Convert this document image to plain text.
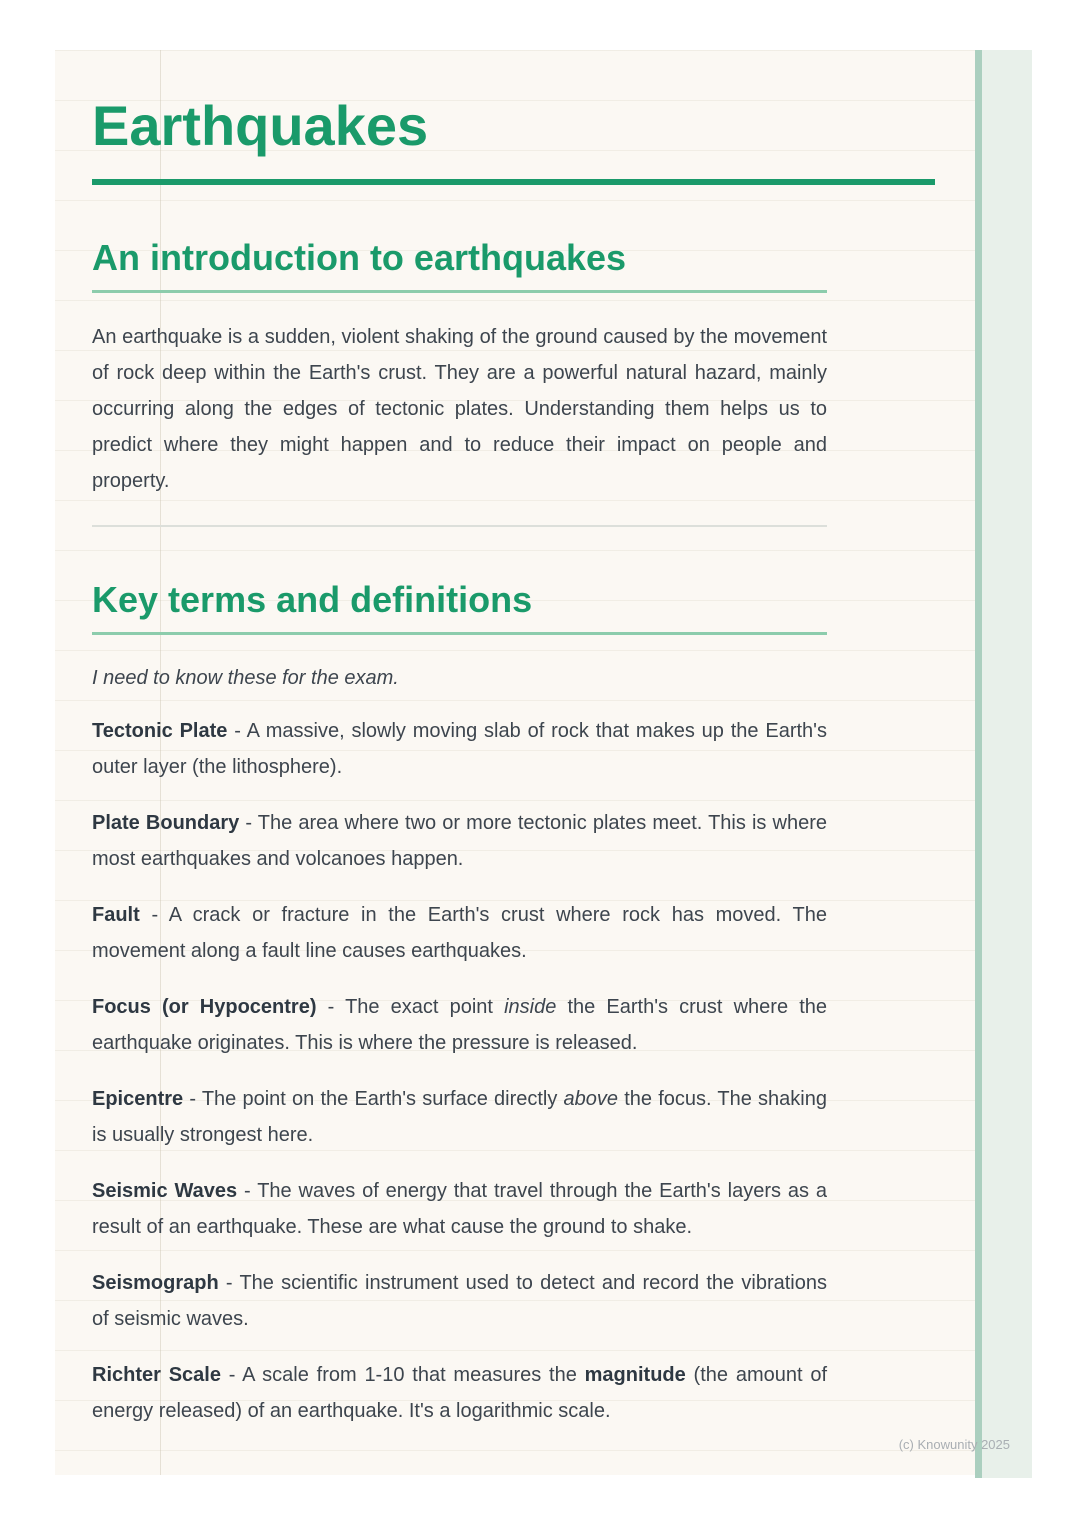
Earthquakes
An introduction to earthquakes

An earthquake is a sudden, violent shaking of the ground caused by the movement of rock deep within the Earth's crust. They are a powerful natural hazard, mainly occurring along the edges of tectonic plates. Understanding them helps us to predict where they might happen and to reduce their impact on people and property.

Key terms and definitions

I need to know these for the exam.

Tectonic Plate - A massive, slowly moving slab of rock that makes up the Earth's outer layer (the lithosphere).

Plate Boundary - The area where two or more tectonic plates meet. This is where most earthquakes and volcanoes happen.

Fault - A crack or fracture in the Earth's crust where rock has moved. The movement along a fault line causes earthquakes.

Focus (or Hypocentre) - The exact point inside the Earth's crust where the earthquake originates. This is where the pressure is released.

Epicentre - The point on the Earth's surface directly above the focus. The shaking is usually strongest here.

Seismic Waves - The waves of energy that travel through the Earth's layers as a result of an earthquake. These are what cause the ground to shake.

Seismograph - The scientific instrument used to detect and record the vibrations of seismic waves.

Richter Scale - A scale from 1-10 that measures the magnitude (the amount of energy released) of an earthquake. It's a logarithmic scale.

(c) Knowunity 2025
